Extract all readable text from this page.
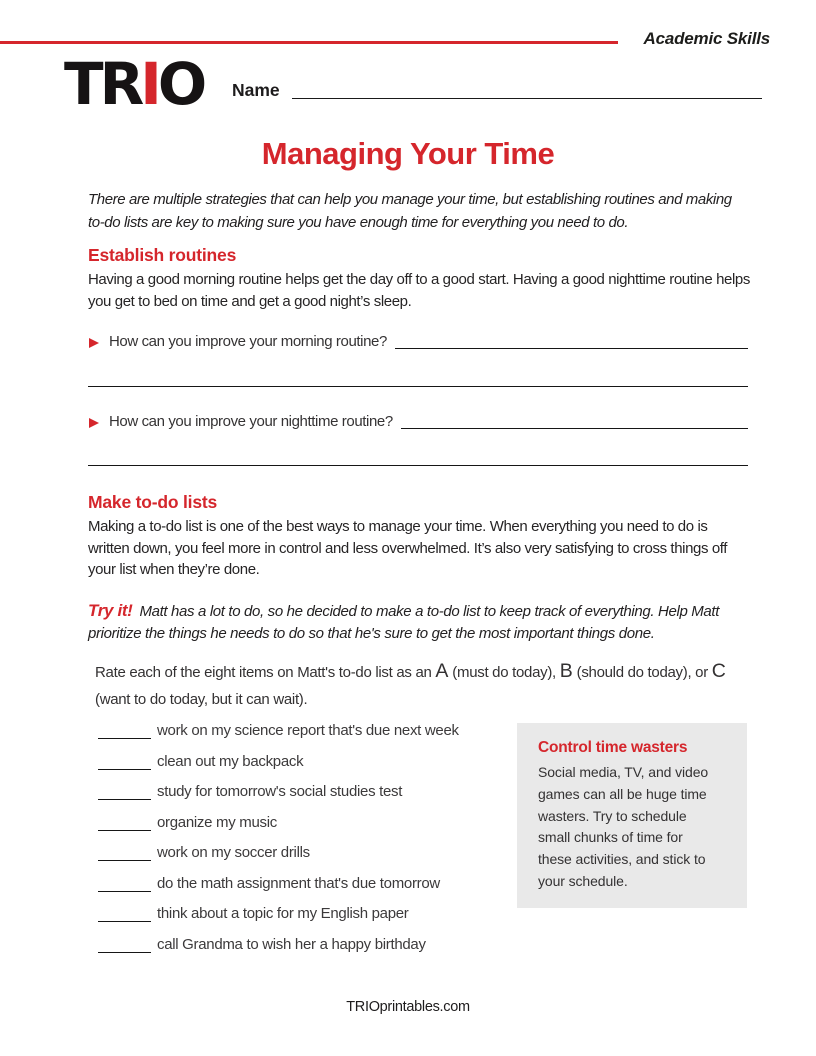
Academic Skills
TRIO Name
Managing Your Time
There are multiple strategies that can help you manage your time, but establishing routines and making to-do lists are key to making sure you have enough time for everything you need to do.
Establish routines
Having a good morning routine helps get the day off to a good start. Having a good nighttime routine helps you get to bed on time and get a good night’s sleep.
How can you improve your morning routine?
How can you improve your nighttime routine?
Make to-do lists
Making a to-do list is one of the best ways to manage your time. When everything you need to do is written down, you feel more in control and less overwhelmed. It’s also very satisfying to cross things off your list when they’re done.
Try it! Matt has a lot to do, so he decided to make a to-do list to keep track of everything. Help Matt prioritize the things he needs to do so that he's sure to get the most important things done.
Rate each of the eight items on Matt's to-do list as an A (must do today), B (should do today), or C (want to do today, but it can wait).
work on my science report that's due next week
clean out my backpack
study for tomorrow's social studies test
organize my music
work on my soccer drills
do the math assignment that's due tomorrow
think about a topic for my English paper
call Grandma to wish her a happy birthday
Control time wasters
Social media, TV, and video games can all be huge time wasters. Try to schedule small chunks of time for these activities, and stick to your schedule.
TRIOprintables.com
